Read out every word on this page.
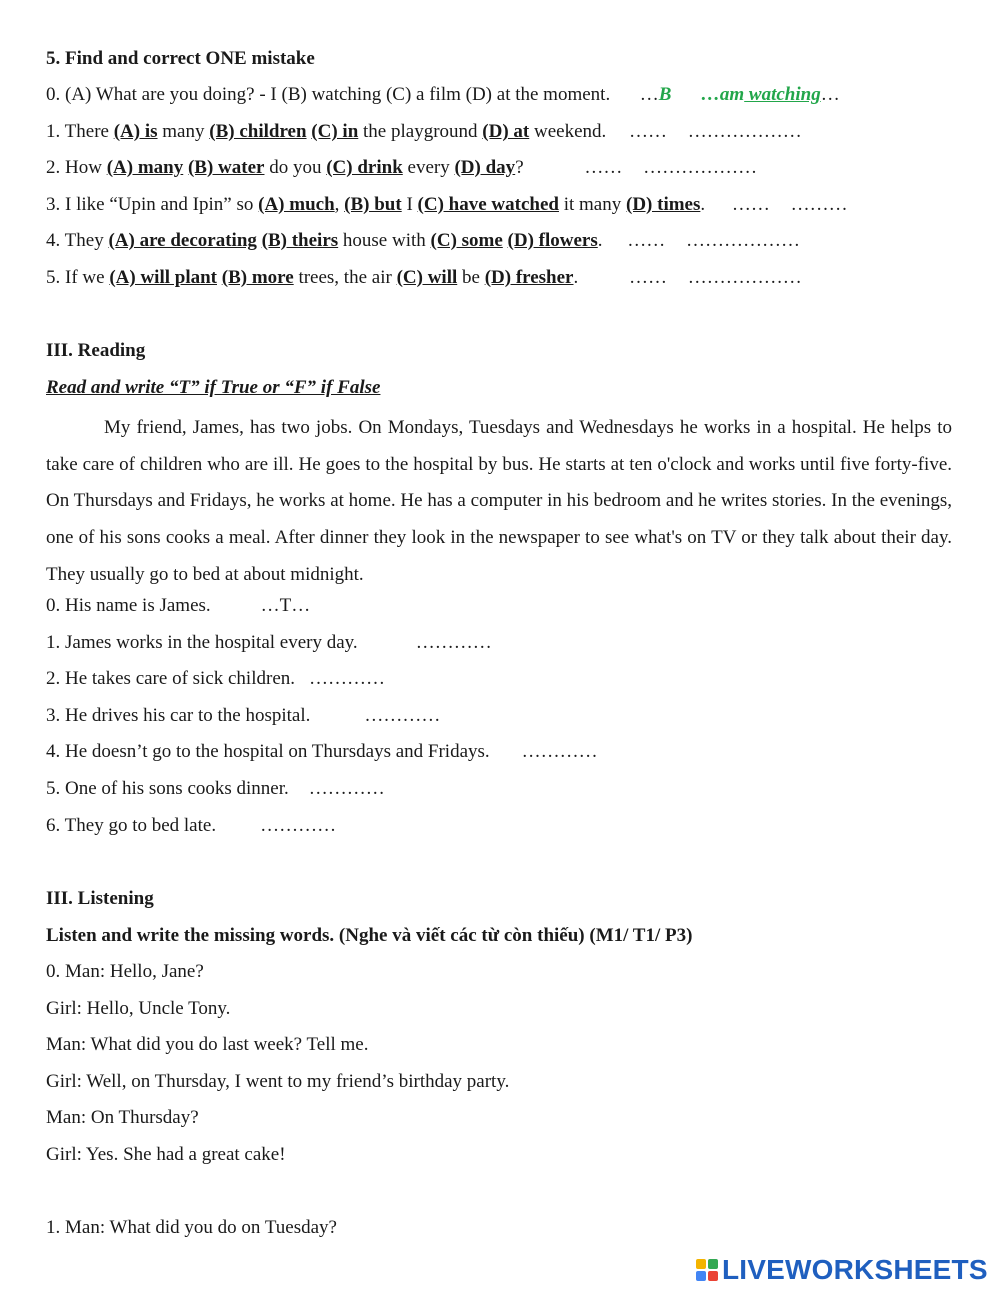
5. Find and correct ONE mistake
0. (A) What are you doing? - I (B) watching (C) a film (D) at the moment. …B …am watching…
1. There (A) is many (B) children (C) in the playground (D) at weekend. …… ………………
2. How (A) many (B) water do you (C) drink every (D) day?	…… ………………
3. I like “Upin and Ipin” so (A) much, (B) but I (C) have watched it many (D) times. …… ………
4. They (A) are decorating (B) theirs house with (C) some (D) flowers. …… ………………
5. If we (A) will plant (B) more trees, the air (C) will be (D) fresher.	…… ………………
III. Reading
Read and write “T” if True or “F” if False
My friend, James, has two jobs. On Mondays, Tuesdays and Wednesdays he works in a hospital. He helps to take care of children who are ill. He goes to the hospital by bus. He starts at ten o'clock and works until five forty-five. On Thursdays and Fridays, he works at home. He has a computer in his bedroom and he writes stories. In the evenings, one of his sons cooks a meal. After dinner they look in the newspaper to see what's on TV or they talk about their day. They usually go to bed at about midnight.
0. His name is James.	…T…
1. James works in the hospital every day.	…………
2. He takes care of sick children. …………
3. He drives his car to the hospital.	…………
4. He doesn’t go to the hospital on Thursdays and Fridays. …………
5. One of his sons cooks dinner. …………
6. They go to bed late. …………
III. Listening
Listen and write the missing words. (Nghe và viết các từ còn thiếu) (M1/ T1/ P3)
0. Man: Hello, Jane?
Girl: Hello, Uncle Tony.
Man: What did you do last week? Tell me.
Girl: Well, on Thursday, I went to my friend’s birthday party.
Man: On Thursday?
Girl: Yes. She had a great cake!
1. Man: What did you do on Tuesday?
LIVEWORKSHEETS
